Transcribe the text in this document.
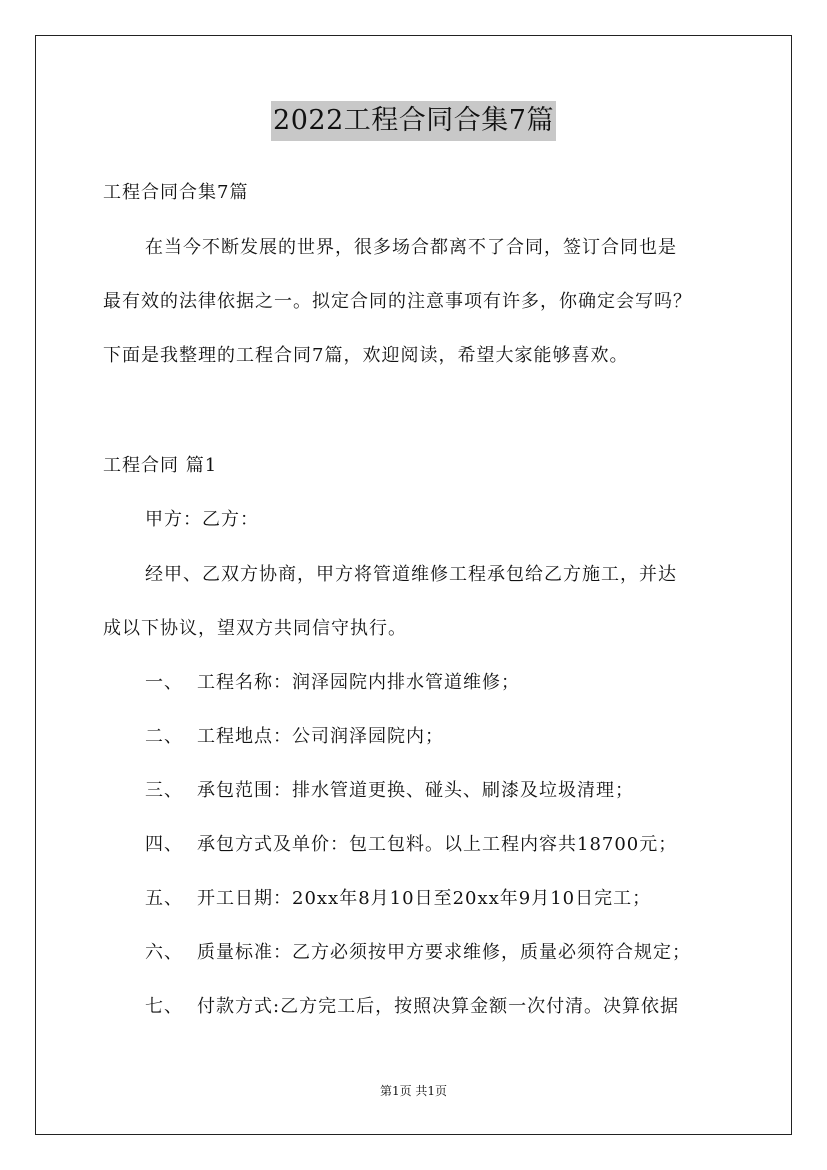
2022工程合同合集7篇
工程合同合集7篇
在当今不断发展的世界，很多场合都离不了合同，签订合同也是
最有效的法律依据之一。拟定合同的注意事项有许多，你确定会写吗？
下面是我整理的工程合同7篇，欢迎阅读，希望大家能够喜欢。
工程合同 篇1
甲方：乙方：
经甲、乙双方协商，甲方将管道维修工程承包给乙方施工，并达
成以下协议，望双方共同信守执行。
一、 工程名称：润泽园院内排水管道维修；
二、 工程地点：公司润泽园院内；
三、 承包范围：排水管道更换、碰头、刷漆及垃圾清理；
四、 承包方式及单价：包工包料。以上工程内容共18700元；
五、 开工日期：20xx年8月10日至20xx年9月10日完工；
六、 质量标准：乙方必须按甲方要求维修，质量必须符合规定；
七、 付款方式:乙方完工后，按照决算金额一次付清。决算依据
第1页 共1页
